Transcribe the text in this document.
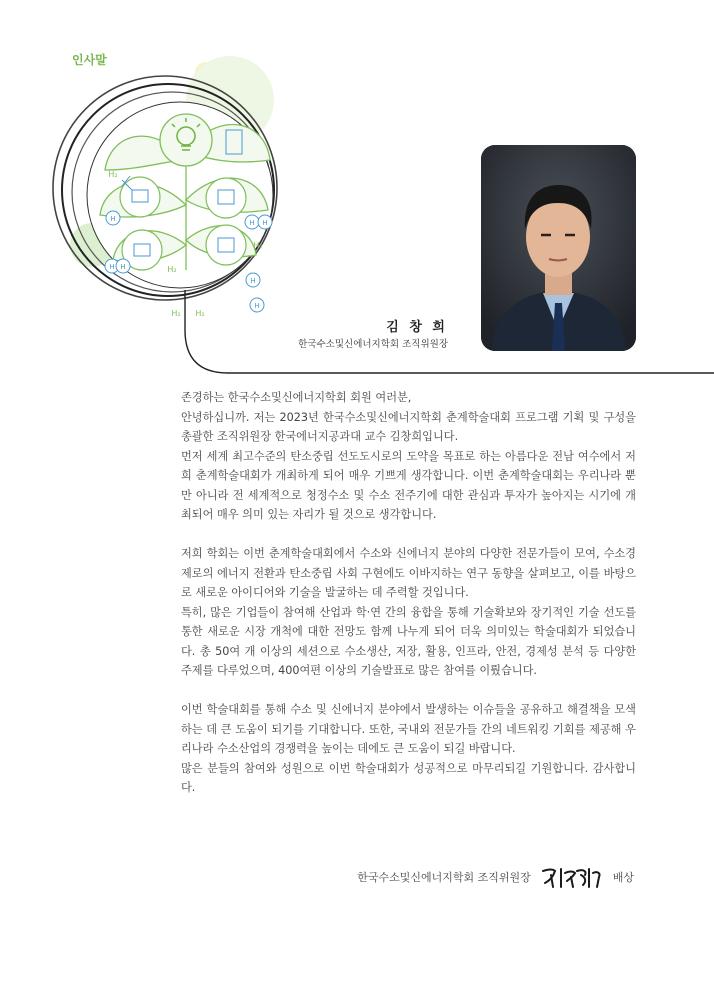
인사말
H	H H
H H
H
H
H₂
H₂
H₂
H₂ H₂
김 창 희
한국수소및신에너지학회 조직위원장

존경하는 한국수소및신에너지학회 회원 여러분,

안녕하십니까. 저는 2023년 한국수소및신에너지학회 춘계학술대회 프로그램 기획 및 구성을 총괄한 조직위원장 한국에너지공과대 교수 김창희입니다.

먼저 세계 최고수준의 탄소중립 선도도시로의 도약을 목표로 하는 아름다운 전남 여수에서 저희 춘계학술대회가 개최하게 되어 매우 기쁘게 생각합니다. 이번 춘계학술대회는 우리나라 뿐만 아니라 전 세계적으로 청정수소 및 수소 전주기에 대한 관심과 투자가 높아지는 시기에 개최되어 매우 의미 있는 자리가 될 것으로 생각합니다.

저희 학회는 이번 춘계학술대회에서 수소와 신에너지 분야의 다양한 전문가들이 모여, 수소경제로의 에너지 전환과 탄소중립 사회 구현에도 이바지하는 연구 동향을 살펴보고, 이를 바탕으로 새로운 아이디어와 기술을 발굴하는 데 주력할 것입니다.

특히, 많은 기업들이 참여해 산업과 학·연 간의 융합을 통해 기술확보와 장기적인 기술 선도를 통한 새로운 시장 개척에 대한 전망도 함께 나누게 되어 더욱 의미있는 학술대회가 되었습니다. 총 50여 개 이상의 세션으로 수소생산, 저장, 활용, 인프라, 안전, 경제성 분석 등 다양한 주제를 다루었으며, 400여편 이상의 기술발표로 많은 참여를 이뤘습니다.

이번 학술대회를 통해 수소 및 신에너지 분야에서 발생하는 이슈들을 공유하고 해결책을 모색하는 데 큰 도움이 되기를 기대합니다. 또한, 국내외 전문가들 간의 네트워킹 기회를 제공해 우리나라 수소산업의 경쟁력을 높이는 데에도 큰 도움이 되길 바랍니다.

많은 분들의 참여와 성원으로 이번 학술대회가 성공적으로 마무리되길 기원합니다. 감사합니다.

한국수소및신에너지학회 조직위원장	배상
